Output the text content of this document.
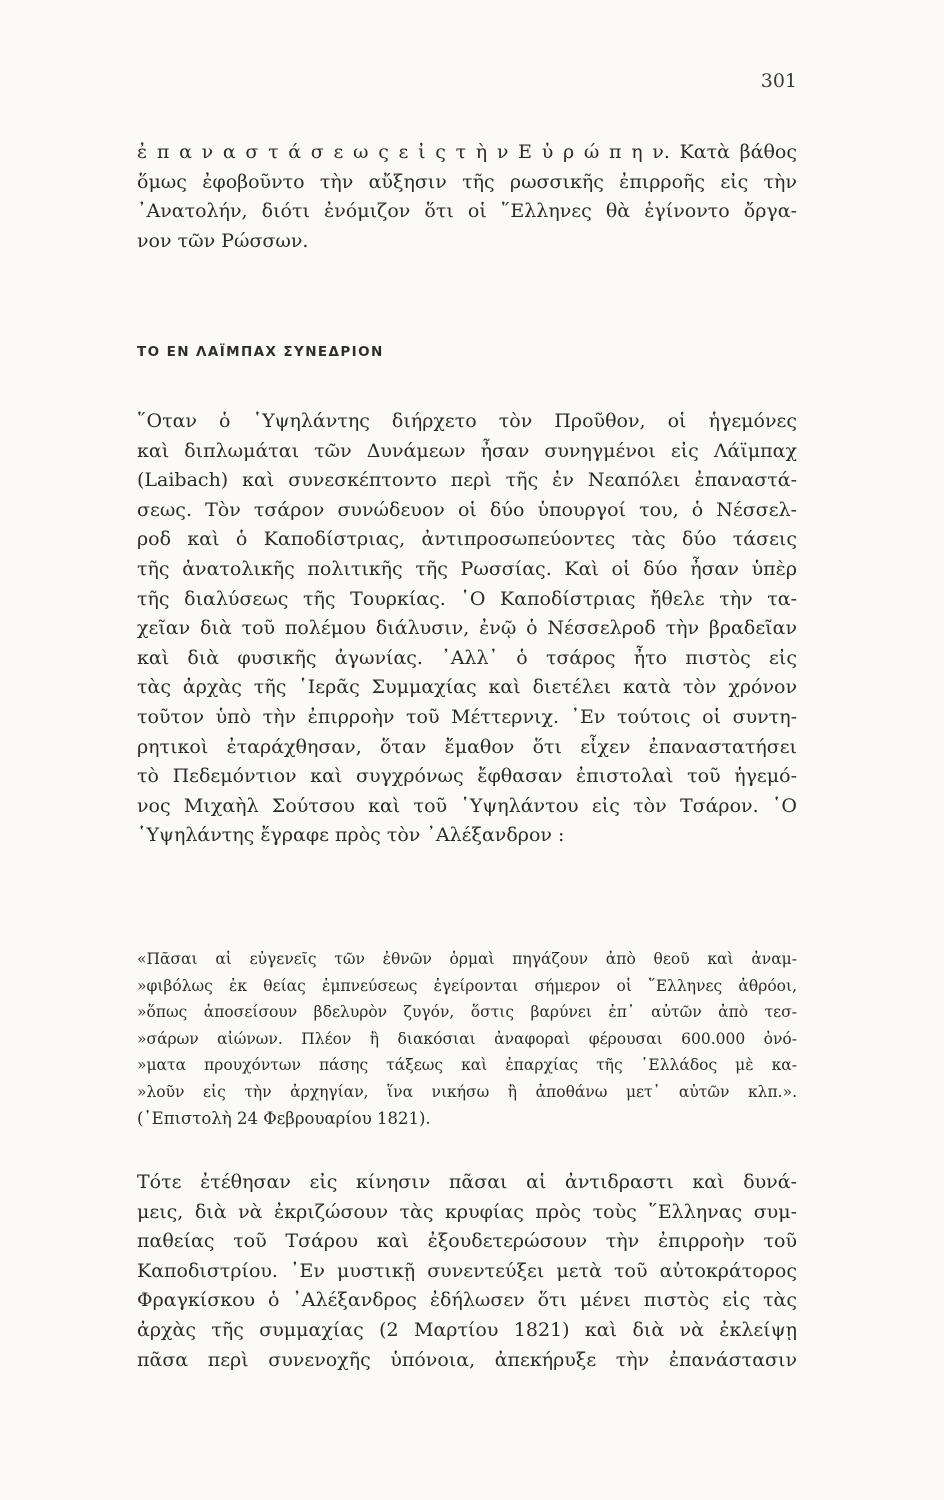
301
ἐ π α ν α σ τ ά σ ε ω ς ε ἰ ς τ ὴ ν Ε ὐ ρ ώ π η ν. Κατὰ βάθος
ὅμως ἐφοβοῦντο τὴν αὔξησιν τῆς ρωσσικῆς ἐπιρροῆς εἰς τὴν
᾿Ανατολήν, διότι ἐνόμιζον ὅτι οἱ ῞Ελληνες θὰ ἐγίνοντο ὄργα-
νον τῶν Ρώσσων.
ΤΟ ΕΝ ΛΑΪΜΠΑΧ ΣΥΝΕΔΡΙΟΝ
῞Οταν ὁ ῾Υψηλάντης διήρχετο τὸν Προῦθον, οἱ ἡγεμόνες
καὶ διπλωμάται τῶν Δυνάμεων ἦσαν συνηγμένοι εἰς Λάϊμπαχ
(Laibach) καὶ συνεσκέπτοντο περὶ τῆς ἐν Νεαπόλει ἐπαναστά-
σεως. Τὸν τσάρον συνώδευον οἱ δύο ὑπουργοί του, ὁ Νέσσελ-
ροδ καὶ ὁ Καποδίστριας, ἀντιπροσωπεύοντες τὰς δύο τάσεις
τῆς ἀνατολικῆς πολιτικῆς τῆς Ρωσσίας. Καὶ οἱ δύο ἦσαν ὑπὲρ
τῆς διαλύσεως τῆς Τουρκίας. ῾Ο Καποδίστριας ἤθελε τὴν τα-
χεῖαν διὰ τοῦ πολέμου διάλυσιν, ἐνῷ ὁ Νέσσελροδ τὴν βραδεῖαν
καὶ διὰ φυσικῆς ἀγωνίας. ᾿Αλλ᾿ ὁ τσάρος ἦτο πιστὸς εἰς
τὰς ἀρχὰς τῆς ῾Ιερᾶς Συμμαχίας καὶ διετέλει κατὰ τὸν χρόνον
τοῦτον ὑπὸ τὴν ἐπιρροὴν τοῦ Μέττερνιχ. ᾿Εν τούτοις οἱ συντη-
ρητικοὶ ἐταράχθησαν, ὅταν ἔμαθον ὅτι εἶχεν ἐπαναστατήσει
τὸ Πεδεμόντιον καὶ συγχρόνως ἔφθασαν ἐπιστολαὶ τοῦ ἡγεμό-
νος Μιχαὴλ Σούτσου καὶ τοῦ ῾Υψηλάντου εἰς τὸν Τσάρον. ῾Ο
῾Υψηλάντης ἔγραφε πρὸς τὸν ᾿Αλέξανδρον :
«Πᾶσαι αἱ εὐγενεῖς τῶν ἐθνῶν ὁρμαὶ πηγάζουν ἀπὸ θεοῦ καὶ ἀναμ-
»φιβόλως ἐκ θείας ἐμπνεύσεως ἐγείρονται σήμερον οἱ ῞Ελληνες ἀθρόοι,
»ὅπως ἀποσείσουν βδελυρὸν ζυγόν, ὅστις βαρύνει ἐπ᾿ αὐτῶν ἀπὸ τεσ-
»σάρων αἰώνων. Πλέον ἢ διακόσιαι ἀναφοραὶ φέρουσαι 600.000 ὀνό-
»ματα προυχόντων πάσης τάξεως καὶ ἐπαρχίας τῆς ῾Ελλάδος μὲ κα-
»λοῦν εἰς τὴν ἀρχηγίαν, ἵνα νικήσω ἢ ἀποθάνω μετ᾿ αὐτῶν κλπ.».
(᾿Επιστολὴ 24 Φεβρουαρίου 1821).
Τότε ἐτέθησαν εἰς κίνησιν πᾶσαι αἱ ἀντιδραστι καὶ δυνά-
μεις, διὰ νὰ ἐκριζώσουν τὰς κρυφίας πρὸς τοὺς ῞Ελληνας συμ-
παθείας τοῦ Τσάρου καὶ ἐξουδετερώσουν τὴν ἐπιρροὴν τοῦ
Καποδιστρίου. ᾿Εν μυστικῇ συνεντεύξει μετὰ τοῦ αὐτοκράτορος
Φραγκίσκου ὁ ᾿Αλέξανδρος ἐδήλωσεν ὅτι μένει πιστὸς εἰς τὰς
ἀρχὰς τῆς συμμαχίας (2 Μαρτίου 1821) καὶ διὰ νὰ ἐκλείψῃ
πᾶσα περὶ συνενοχῆς ὑπόνοια, ἀπεκήρυξε τὴν ἐπανάστασιν
